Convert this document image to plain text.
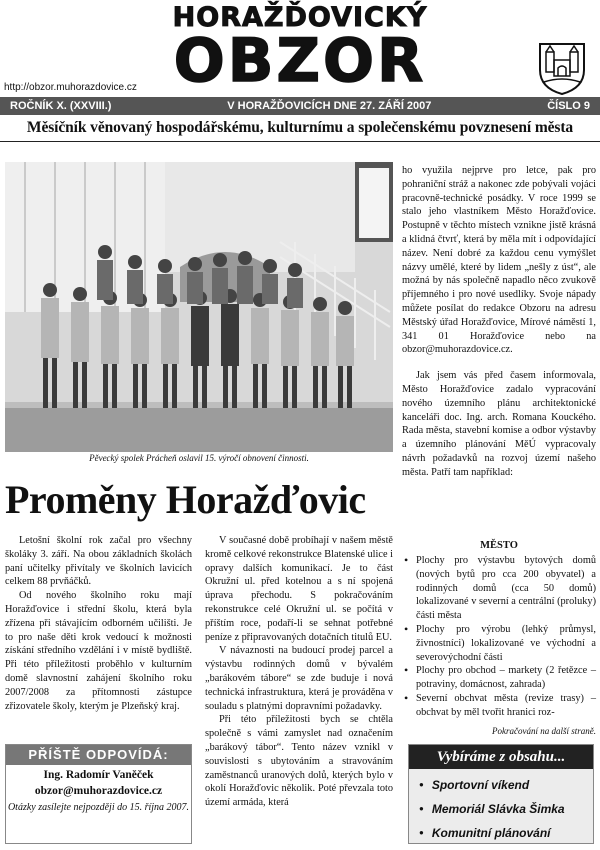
HORAŽĎOVICKÝ
OBZOR
http://obzor.muhorazdovice.cz
ROČNÍK X. (XXVIII.)	V HORAŽĎOVICÍCH DNE 27. ZÁŘÍ 2007	ČÍSLO 9
Měsíčník věnovaný hospodářskému, kulturnímu a společenskému povznesení města
Pěvecký spolek Prácheň oslavil 15. výročí obnovení činnosti.
Proměny Horažďovic

Letošní školní rok začal pro všechny školáky 3. září. Na obou základních školách paní učitelky přivítaly ve školních lavicích celkem 88 prvňáčků.

Od nového školního roku mají Horažďovice i střední školu, která byla zřízena při stávajícím odborném učilišti. Je to pro naše děti krok vedoucí k možnosti získání středního vzdělání i v místě bydliště. Při této příležitosti proběhlo v kulturním domě slavnostní zahájení školního roku 2007/2008 za přítomnosti zástupce zřizovatele školy, kterým je Plzeňský kraj.

V současné době probíhají v našem městě kromě celkové rekonstrukce Blatenské ulice i opravy dalších komunikací. Je to část Okružní ul. před kotelnou a s ní spojená úprava přechodu. S pokračováním rekonstrukce celé Okružní ul. se počítá v příštím roce, podaří-li se sehnat potřebné peníze z připravovaných dotačních titulů EU.

V návaznosti na budoucí prodej parcel a výstavbu rodinných domů v bývalém „barákovém tábore“ se zde buduje i nová technická infrastruktura, která je prováděna v souladu s platnými dopravními požadavky.

Při této příležitosti bych se chtěla společně s vámi zamyslet nad označením „barákový tábor“. Tento název vznikl v souvislosti s ubytováním a stravováním zaměstnanců uranových dolů, kterých bylo v okolí Horažďovic několik. Poté převzala toto území armáda, která

ho využila nejprve pro letce, pak pro pohraniční stráž a nakonec zde pobývali vojáci pracovně-technické posádky. V roce 1999 se stalo jeho vlastníkem Město Horažďovice. Postupně v těchto místech vznikne jistě krásná a klidná čtvrť, která by měla mít i odpovídající název. Není dobré za každou cenu vymýšlet názvy umělé, které by lidem „nešly z úst“, ale možná by nás společně napadlo něco zvukově příjemného i pro nové usedlíky. Svoje nápady můžete posílat do redakce Obzoru na adresu Městský úřad Horažďovice, Mírové náměstí 1, 341 01 Horažďovice nebo na obzor@muhorazdovice.cz.

Jak jsem vás před časem informovala, Město Horažďovice zadalo vypracování nového územního plánu architektonické kanceláři doc. Ing. arch. Romana Kouckého. Rada města, stavební komise a odbor výstavby a územního plánování MěÚ vypracovaly návrh požadavků na rozvoj území našeho města. Patří tam například:

MĚSTO
• Plochy pro výstavbu bytových domů (nových bytů pro cca 200 obyvatel) a rodinných domů (cca 50 domů) lokalizované v severní a centrální (proluky) části města
• Plochy pro výrobu (lehký průmysl, živnostníci) lokalizované ve východní a severovýchodní části
• Plochy pro obchod – markety (2 řetězce – potraviny, domácnost, zahrada)
• Severní obchvat města (revize trasy) – obchvat by měl tvořit hranici roz-
Pokračování na další straně.
PŘÍŠTĚ ODPOVÍDÁ:
Ing. Radomír Vaněček
obzor@muhorazdovice.cz
Otázky zasílejte nejpozději do 15. října 2007.
Vybíráme z obsahu...
● Sportovní víkend
● Memoriál Slávka Šimka
● Komunitní plánování
